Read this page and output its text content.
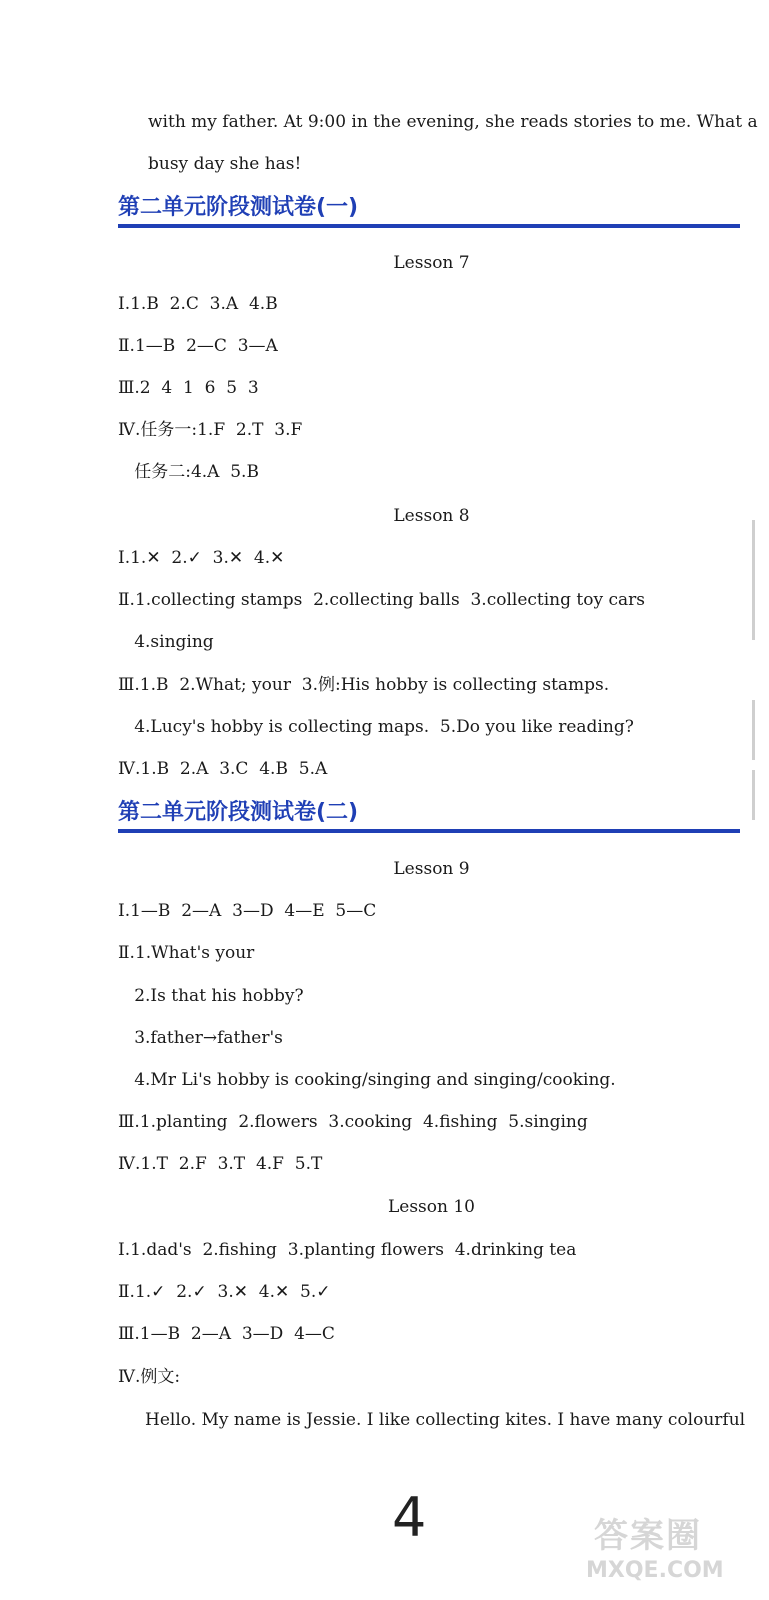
with my father. At 9:00 in the evening, she reads stories to me. What a
busy day she has!
第二单元阶段测试卷(一)
Lesson 7
Ⅰ.1.B  2.C  3.A  4.B
Ⅱ.1—B  2—C  3—A
Ⅲ.2  4  1  6  5  3
Ⅳ.任务一:1.F  2.T  3.F
任务二:4.A  5.B
Lesson 8
Ⅰ.1.✕  2.✓  3.✕  4.✕
Ⅱ.1.collecting stamps  2.collecting balls  3.collecting toy cars
4.singing
Ⅲ.1.B  2.What; your  3.例:His hobby is collecting stamps.
4.Lucy's hobby is collecting maps.  5.Do you like reading?
Ⅳ.1.B  2.A  3.C  4.B  5.A
第二单元阶段测试卷(二)
Lesson 9
Ⅰ.1—B  2—A  3—D  4—E  5—C
Ⅱ.1.What's your
2.Is that his hobby?
3.father→father's
4.Mr Li's hobby is cooking/singing and singing/cooking.
Ⅲ.1.planting  2.flowers  3.cooking  4.fishing  5.singing
Ⅳ.1.T  2.F  3.T  4.F  5.T
Lesson 10
Ⅰ.1.dad's  2.fishing  3.planting flowers  4.drinking tea
Ⅱ.1.✓  2.✓  3.✕  4.✕  5.✓
Ⅲ.1—B  2—A  3—D  4—C
Ⅳ.例文:
Hello. My name is Jessie. I like collecting kites. I have many colourful
4	答案圈
MXQE.COM
